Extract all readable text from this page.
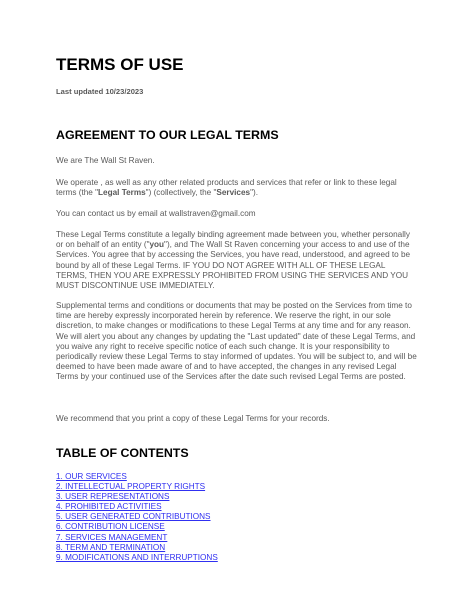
TERMS OF USE

Last updated 10/23/2023

AGREEMENT TO OUR LEGAL TERMS

We are The Wall St Raven.

We operate , as well as any other related products and services that refer or link to these legal terms (the "Legal Terms") (collectively, the "Services").

You can contact us by email at wallstraven@gmail.com

These Legal Terms constitute a legally binding agreement made between you, whether personally or on behalf of an entity ("you"), and The Wall St Raven concerning your access to and use of the Services. You agree that by accessing the Services, you have read, understood, and agreed to be bound by all of these Legal Terms. IF YOU DO NOT AGREE WITH ALL OF THESE LEGAL TERMS, THEN YOU ARE EXPRESSLY PROHIBITED FROM USING THE SERVICES AND YOU MUST DISCONTINUE USE IMMEDIATELY.

Supplemental terms and conditions or documents that may be posted on the Services from time to time are hereby expressly incorporated herein by reference. We reserve the right, in our sole discretion, to make changes or modifications to these Legal Terms at any time and for any reason. We will alert you about any changes by updating the "Last updated" date of these Legal Terms, and you waive any right to receive specific notice of each such change. It is your responsibility to periodically review these Legal Terms to stay informed of updates. You will be subject to, and will be deemed to have been made aware of and to have accepted, the changes in any revised Legal Terms by your continued use of the Services after the date such revised Legal Terms are posted.

We recommend that you print a copy of these Legal Terms for your records.

TABLE OF CONTENTS
1. OUR SERVICES
2. INTELLECTUAL PROPERTY RIGHTS
3. USER REPRESENTATIONS
4. PROHIBITED ACTIVITIES
5. USER GENERATED CONTRIBUTIONS
6. CONTRIBUTION LICENSE
7. SERVICES MANAGEMENT
8. TERM AND TERMINATION
9. MODIFICATIONS AND INTERRUPTIONS
